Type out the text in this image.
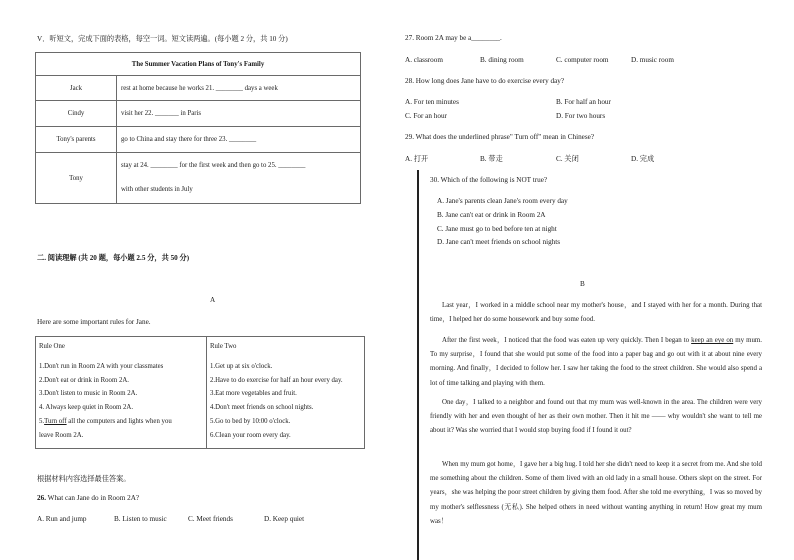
V．听短文，完成下面的表格，每空一词。短文读两遍。(每小题 2 分，共 10 分)
The Summer Vacation Plans of Tony's Family	
Jack	rest at home because he works 21. ________ days a week
Cindy	visit her 22. _______ in Paris
Tony's parents	go to China and stay there for three 23. ________
Tony	stay at 24. ________ for the first week and then go to 25. ________
with other students in July
二. 阅读理解 (共 20 题，每小题 2.5 分，共 50 分)
A
Here are some important rules for Jane.
Rule One
1.Don't run in Room 2A with your classmates
2.Don't eat or drink in Room 2A.
3.Don't listen to music in Room 2A.
4. Always keep quiet in Room 2A.
5.Turn off all the computers and lights when you
leave Room 2A.

Rule Two
1.Get up at six o'clock.
2.Have to do exercise for half an hour every day.
3.Eat more vegetables and fruit.
4.Don't meet friends on school nights.
5.Go to bed by 10:00 o'clock.
6.Clean your room every day.
根据材料内容选择最佳答案。
26. What can Jane do in Room 2A?
A. Run and jump	B. Listen to music	C. Meet friends	D. Keep quiet
27. Room 2A may be a________.
A. classroom	B. dining room	C. computer room	D. music room
28. How long does Jane have to do exercise every day?
A. For ten minutes	B. For half an hour
C. For an hour	D. For two hours
29. What does the underlined phrase" Turn off" mean in Chinese?
A. 打开	B. 带走	C. 关闭	D. 完成
30. Which of the following is NOT true?
A. Jane's parents clean Jane's room every day
B. Jane can't eat or drink in Room 2A
C. Jane must go to bed before ten at night
D. Jane can't meet friends on school nights
B
Last year，I worked in a middle school near my mother's house，and I stayed with her for a month. During that time，I helped her do some housework and buy some food.
After the first week，I noticed that the food was eaten up very quickly. Then I began to keep an eye on my mum. To my surprise，I found that she would put some of the food into a paper bag and go out with it at about nine every morning. And finally，I decided to follow her. I saw her taking the food to the street children. She would also spend a lot of time talking and playing with them.
One day，I talked to a neighbor and found out that my mum was well-known in the area. The children were very friendly with her and even thought of her as their own mother. Then it hit me —— why wouldn't she want to tell me about it? Was she worried that I would stop buying food if I found it out?
When my mum got home，I gave her a big hug. I told her she didn't need to keep it a secret from me. And she told me something about the children. Some of them lived with an old lady in a small house. Others slept on the street. For years，she was helping the poor street children by giving them food. After she told me everything，I was so moved by my mother's selflessness (无私). She helped others in need without wanting anything in return! How great my mum was！
